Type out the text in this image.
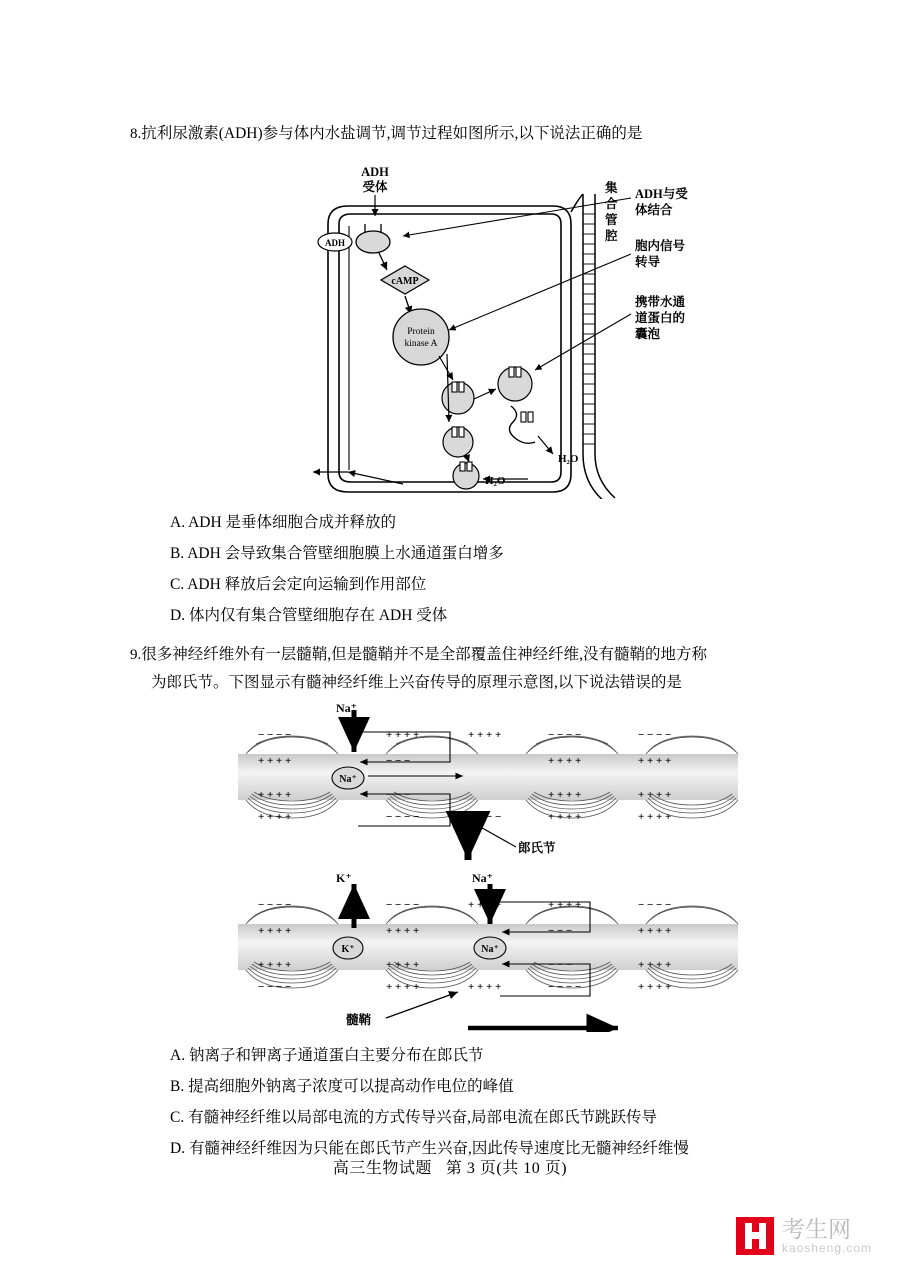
8.抗利尿激素(ADH)参与体内水盐调节,调节过程如图所示,以下说法正确的是
ADH
cAMP
Protein
kinase A
H₂O
H₂O
ADH
受体	集
合
管
腔
ADH与受
体结合
胞内信号
转导
携带水通
道蛋白的
囊泡
A. ADH 是垂体细胞合成并释放的
B. ADH 会导致集合管壁细胞膜上水通道蛋白增多
C. ADH 释放后会定向运输到作用部位
D. 体内仅有集合管壁细胞存在 ADH 受体
9.很多神经纤维外有一层髓鞘,但是髓鞘并不是全部覆盖住神经纤维,没有髓鞘的地方称
为郎氏节。下图显示有髓神经纤维上兴奋传导的原理示意图,以下说法错误的是
− − − −	+ + + +	+ + + +	− − − −	− − − −
+ + + +	− − −	+ + + +	+ + + +
+ + + +	− − −	+ + + +	+ + + +
+ + + +	− − − −	− − − −	+ + + +	+ + + +
Na⁺
Na⁺
郎氏节
− − − −	− − − −	+ + + +	+ + + +	− − − −
+ + + +	+ + + +	− − −	+ + + +
+ + + +	+ + + +	− − −	+ + + +
− − − −	+ + + +	+ + + +	− − − −	+ + + +
K⁺
K⁺
Na⁺
Na⁺
髓鞘
A. 钠离子和钾离子通道蛋白主要分布在郎氏节
B. 提高细胞外钠离子浓度可以提高动作电位的峰值
C. 有髓神经纤维以局部电流的方式传导兴奋,局部电流在郎氏节跳跃传导
D. 有髓神经纤维因为只能在郎氏节产生兴奋,因此传导速度比无髓神经纤维慢
高三生物试题 第 3 页(共 10 页)
考生网
kaosheng.com
